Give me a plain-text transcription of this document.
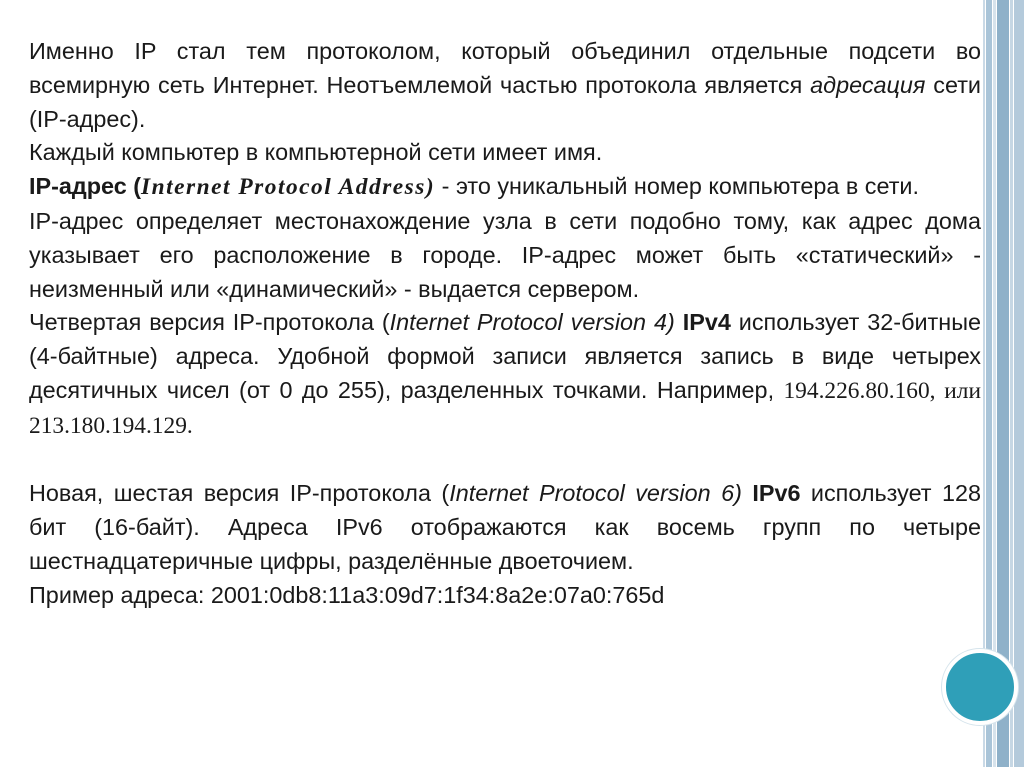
Именно IP стал тем протоколом, который объединил отдельные подсети во всемирную сеть Интернет. Неотъемлемой частью протокола является адресация сети (IP-адрес).

Каждый компьютер в компьютерной сети имеет имя.

IP-адрес (Internet Protocol Address) - это уникальный номер компьютера в сети.

IP-адрес определяет местонахождение узла в сети подобно тому, как адрес дома указывает его расположение в городе. IP-адрес может быть «статический» - неизменный или «динамический» - выдается сервером.

Четвертая версия IP-протокола (Internet Protocol version 4) IPv4 использует 32-битные (4-байтные) адреса. Удобной формой записи является запись в виде четырех десятичных чисел (от 0 до 255), разделенных точками. Например, 194.226.80.160, или

213.180.194.129.

Новая, шестая версия IP-протокола (Internet Protocol version 6) IPv6 использует 128 бит (16-байт). Адреса IPv6 отображаются как восемь групп по четыре шестнадцатеричные цифры, разделённые двоеточием.

Пример адреса: 2001:0db8:11a3:09d7:1f34:8a2e:07a0:765d
